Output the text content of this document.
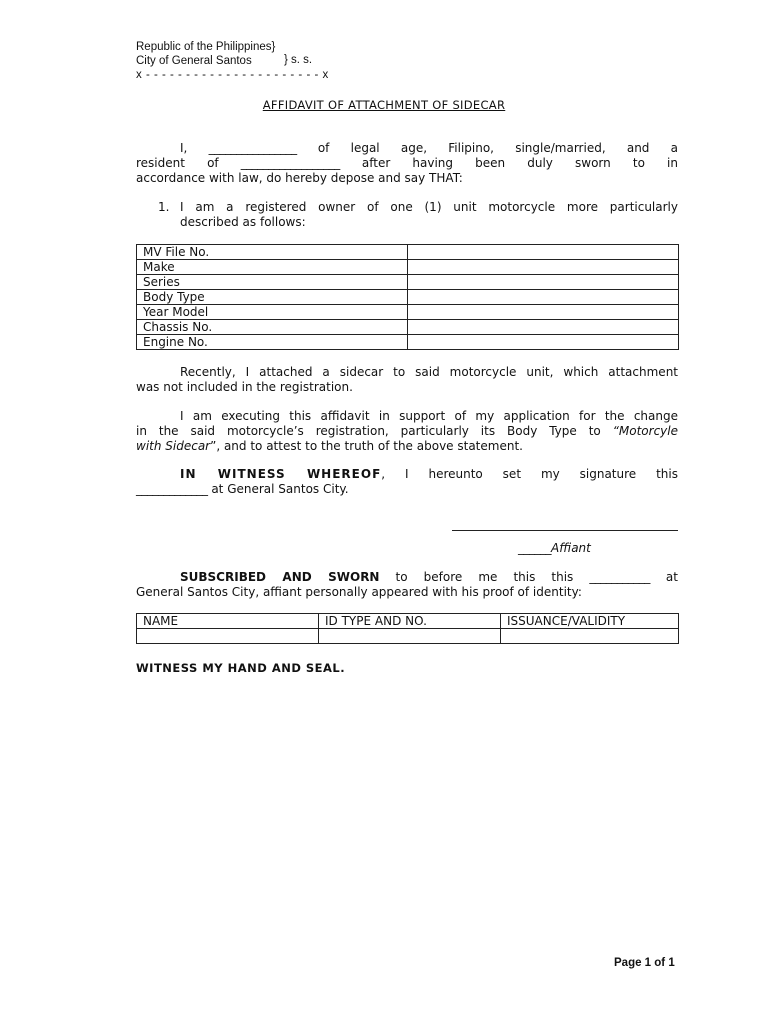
Republic of the Philippines}
City of General Santos	} s. s.
x - - - - - - - - - - - - - - - - - - - - - - x
AFFIDAVIT OF ATTACHMENT OF SIDECAR
I, ________________ of legal age, Filipino, single/married, and a
resident of __________________ after having been duly sworn to in
accordance with law, do hereby depose and say THAT:
1. I am a registered owner of one (1) unit motorcycle more particularly
described as follows:
MV File No.	
Make	
Series	
Body Type	
Year Model	
Chassis No.	
Engine No.	
Recently, I attached a sidecar to said motorcycle unit, which attachment
was not included in the registration.
I am executing this affidavit in support of my application for the change
in the said motorcycle’s registration, particularly its Body Type to “Motorcyle
with Sidecar”, and to attest to the truth of the above statement.
IN WITNESS WHEREOF, I hereunto set my signature this
_____________ at General Santos City.
______Affiant
SUBSCRIBED AND SWORN to before me this this ___________ at
General Santos City, affiant personally appeared with his proof of identity:
NAME	ID TYPE AND NO.	ISSUANCE/VALIDITY

WITNESS MY HAND AND SEAL.
Page 1 of 1
